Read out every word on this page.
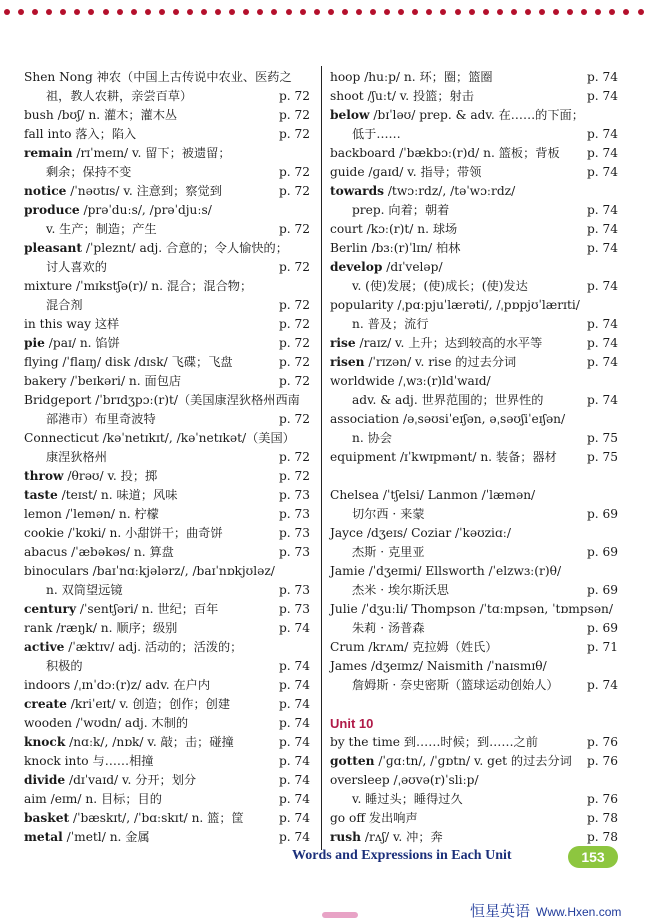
Shen Nong 神农（中国上古传说中农业、医药之
祖，教人农耕，亲尝百草）	p. 72
bush /bʊʃ/ n. 灌木；灌木丛	p. 72
fall into 落入；陷入	p. 72
remain /rɪˈmeɪn/ v. 留下；被遗留；
剩余；保持不变	p. 72
notice /ˈnəʊtɪs/ v. 注意到；察觉到	p. 72
produce /prəˈduːs/, /prəˈdjuːs/
v. 生产；制造；产生	p. 72
pleasant /ˈpleznt/ adj. 合意的；令人愉快的；
讨人喜欢的	p. 72
mixture /ˈmɪkstʃə(r)/ n. 混合；混合物；
混合剂	p. 72
in this way 这样	p. 72
pie /paɪ/ n. 馅饼	p. 72
flying /ˈflaɪŋ/ disk /dɪsk/ 飞碟；飞盘	p. 72
bakery /ˈbeɪkəri/ n. 面包店	p. 72
Bridgeport /ˈbrɪdʒpɔː(r)t/（美国康涅狄格州西南
部港市）布里奇波特	p. 72
Connecticut /kəˈnetɪkɪt/, /kəˈnetɪkət/（美国）
康涅狄格州	p. 72
throw /θrəʊ/ v. 投；掷	p. 72
taste /teɪst/ n. 味道；风味	p. 73
lemon /ˈlemən/ n. 柠檬	p. 73
cookie /ˈkʊki/ n. 小甜饼干；曲奇饼	p. 73
abacus /ˈæbəkəs/ n. 算盘	p. 73
binoculars /baɪˈnɑːkjələrz/, /baɪˈnɒkjʊləz/
n. 双筒望远镜	p. 73
century /ˈsentʃəri/ n. 世纪；百年	p. 73
rank /ræŋk/ n. 顺序；级别	p. 74
active /ˈæktɪv/ adj. 活动的；活泼的；
积极的	p. 74
indoors /ˌɪnˈdɔː(r)z/ adv. 在户内	p. 74
create /kriˈeɪt/ v. 创造；创作；创建	p. 74
wooden /ˈwʊdn/ adj. 木制的	p. 74
knock /nɑːk/, /nɒk/ v. 敲；击；碰撞	p. 74
knock into 与……相撞	p. 74
divide /dɪˈvaɪd/ v. 分开；划分	p. 74
aim /eɪm/ n. 目标；目的	p. 74
basket /ˈbæskɪt/, /ˈbɑːskɪt/ n. 篮；筐	p. 74
metal /ˈmetl/ n. 金属	p. 74
hoop /huːp/ n. 环；圈；篮圈	p. 74
shoot /ʃuːt/ v. 投篮；射击	p. 74
below /bɪˈləʊ/ prep. & adv. 在……的下面；
低于……	p. 74
backboard /ˈbækbɔː(r)d/ n. 篮板；背板 p. 74
guide /ɡaɪd/ v. 指导；带领	p. 74
towards /twɔːrdz/, /təˈwɔːrdz/
prep. 向着；朝着	p. 74
court /kɔː(r)t/ n. 球场	p. 74
Berlin /bɜː(r)ˈlɪn/ 柏林	p. 74
develop /dɪˈveləp/
v. (使)发展；(使)成长；(使)发达	p. 74
popularity /ˌpɑːpjuˈlærəti/, /ˌpɒpjʊˈlærɪti/
n. 普及；流行	p. 74
rise /raɪz/ v. 上升；达到较高的水平等	p. 74
risen /ˈrɪzən/ v. rise 的过去分词	p. 74
worldwide /ˌwɜː(r)ldˈwaɪd/
adv. & adj. 世界范围的；世界性的	p. 74
association /əˌsəʊsiˈeɪʃən, əˌsəʊʃiˈeɪʃən/
n. 协会	p. 75
equipment /ɪˈkwɪpmənt/ n. 装备；器材 p. 75
Chelsea /ˈtʃelsi/ Lanmon /ˈlæmən/
切尔西 · 来蒙	p. 69
Jayce /dʒeɪs/ Coziar /ˈkəʊziɑː/
杰斯 · 克里亚	p. 69
Jamie /ˈdʒeɪmi/ Ellsworth /ˈelzwɜː(r)θ/
杰米 · 埃尔斯沃思	p. 69
Julie /ˈdʒuːli/ Thompson /ˈtɑːmpsən, ˈtɒmpsən/
朱莉 · 汤普森	p. 69
Crum /krʌm/ 克拉姆（姓氏）	p. 71
James /dʒeɪmz/ Naismith /ˈnaɪsmɪθ/
詹姆斯 · 奈史密斯（篮球运动创始人） p. 74
Unit 10
by the time 到……时候；到……之前	p. 76
gotten /ˈɡɑːtn/, /ˈɡɒtn/ v. get 的过去分词 p. 76
oversleep /ˌəʊvə(r)ˈsliːp/
v. 睡过头；睡得过久	p. 76
go off 发出响声	p. 78
rush /rʌʃ/ v. 冲；奔	p. 78
Words and Expressions in Each Unit	153
恒星英语 Www.Hxen.com
